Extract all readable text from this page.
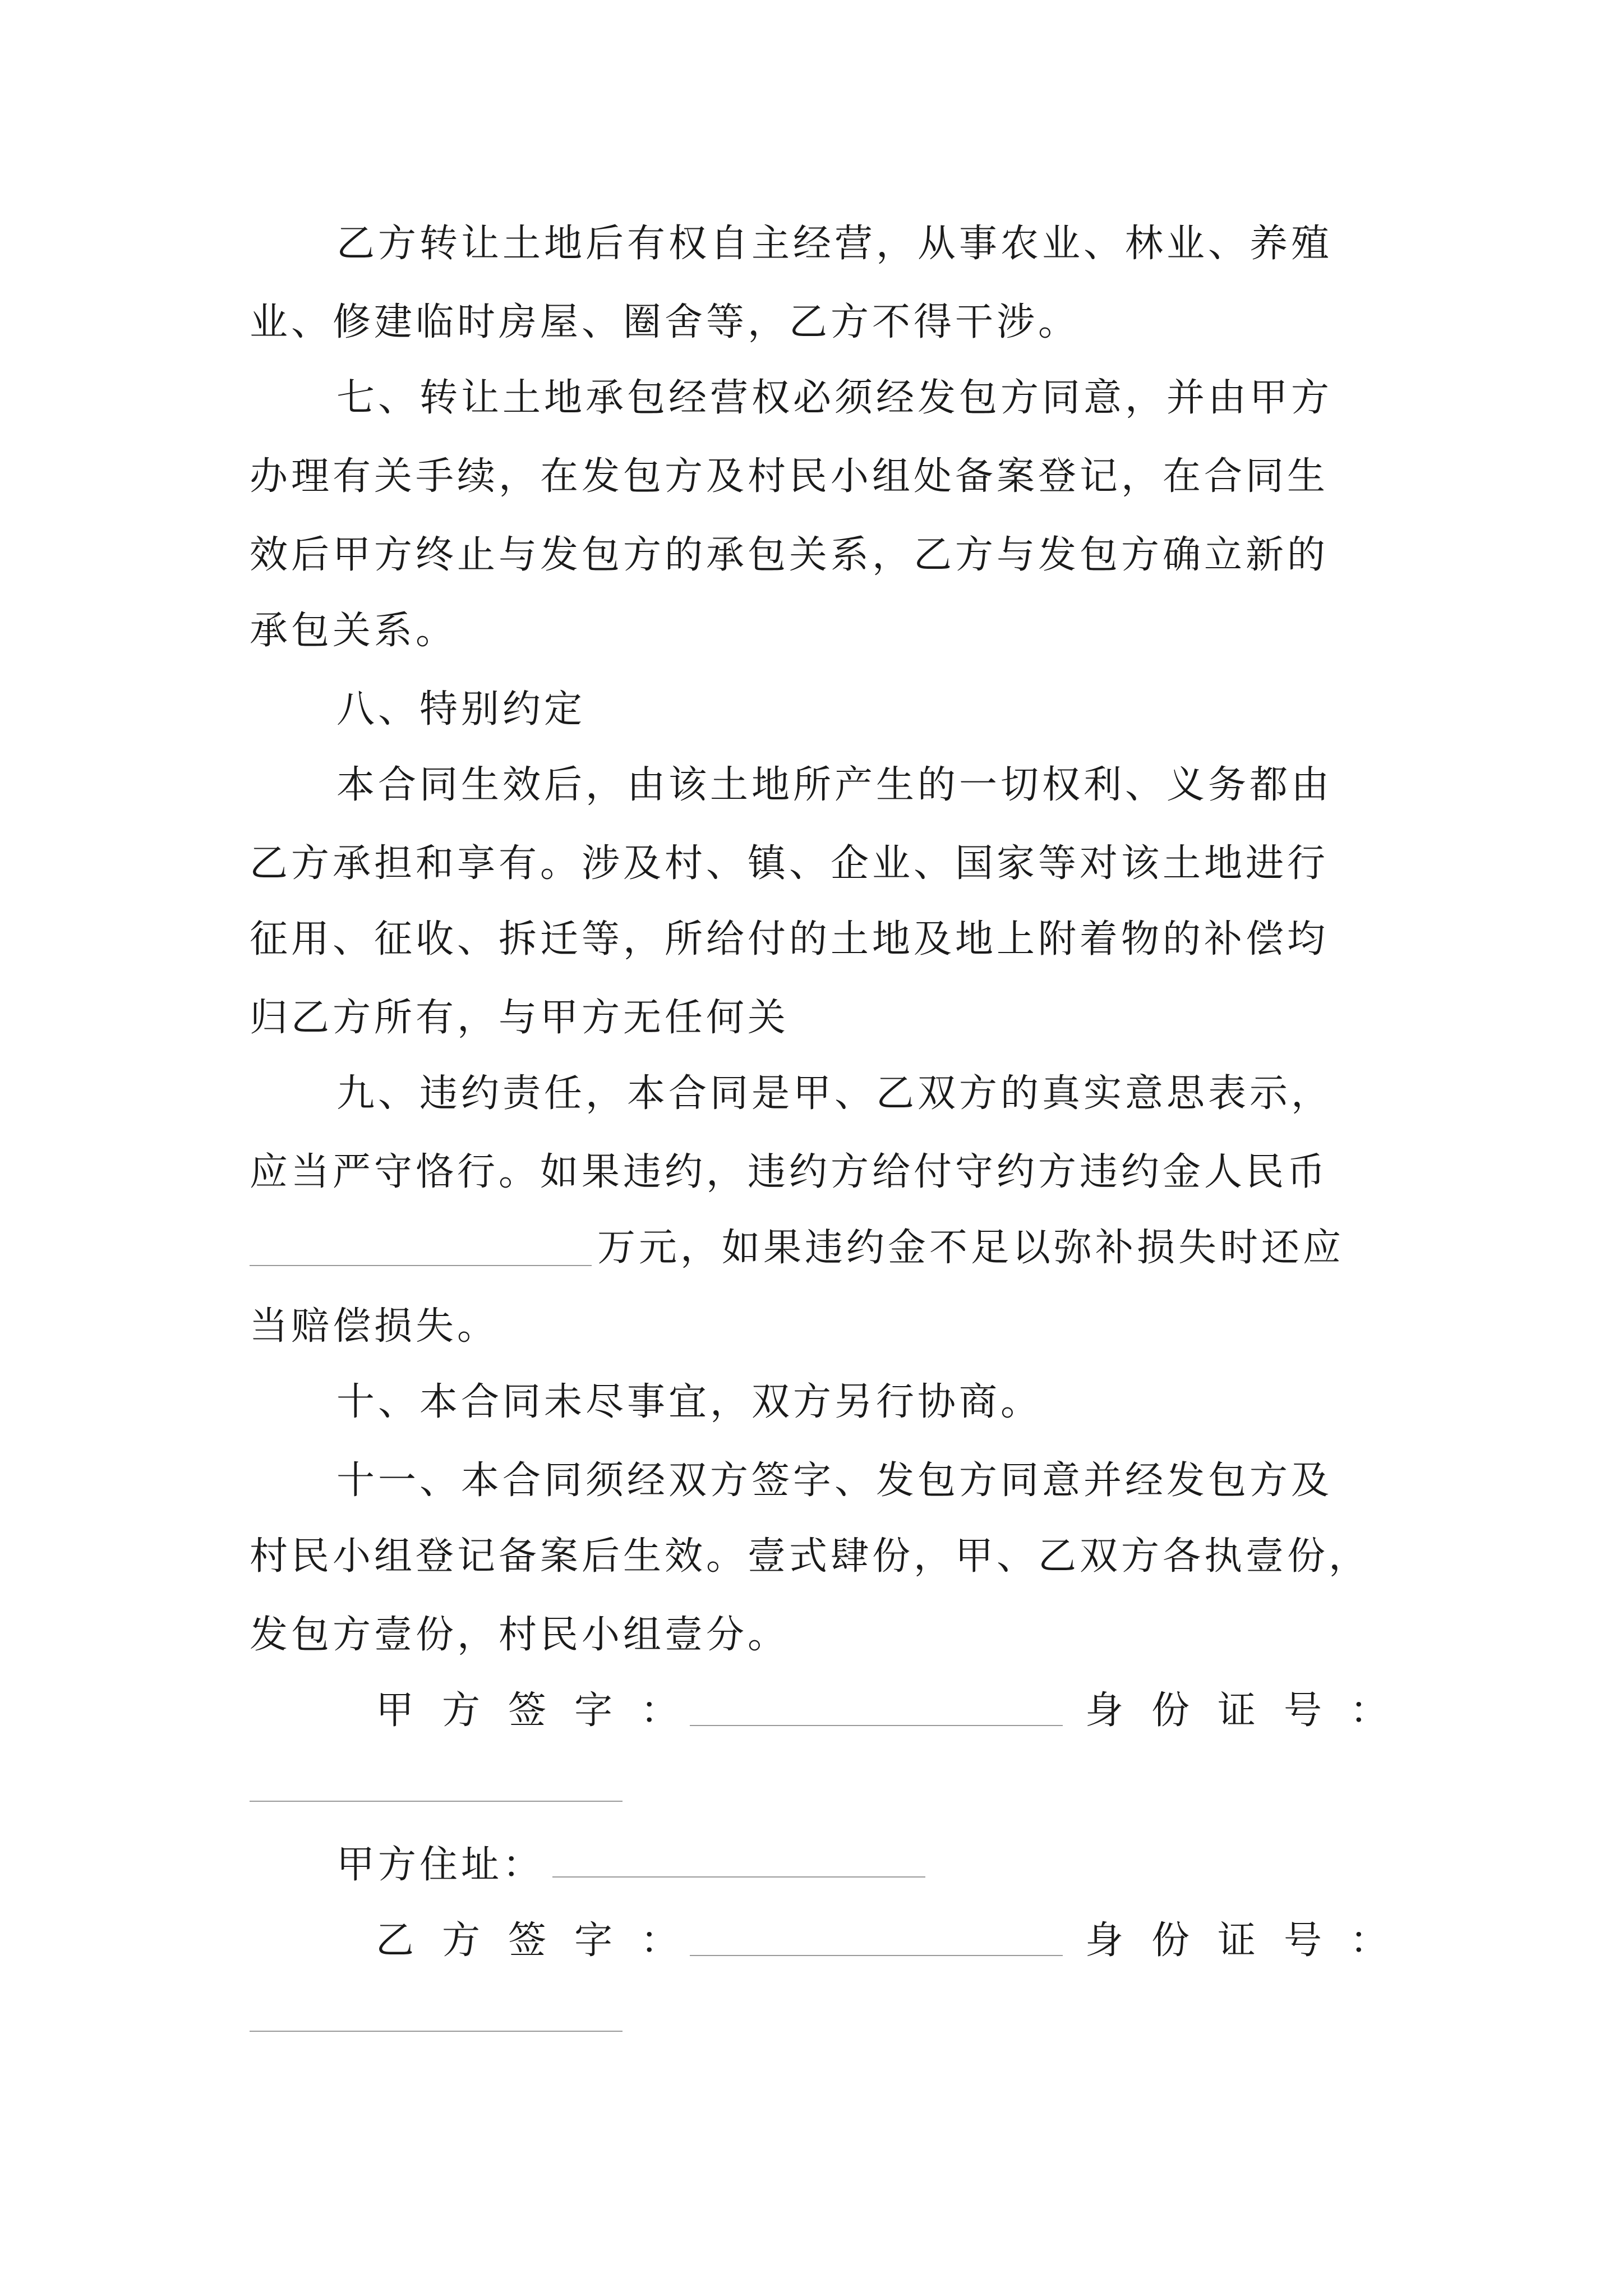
乙方转让土地后有权自主经营，从事农业、林业、养殖
业、修建临时房屋、圈舍等，乙方不得干涉。
七、转让土地承包经营权必须经发包方同意，并由甲方
办理有关手续，在发包方及村民小组处备案登记，在合同生
效后甲方终止与发包方的承包关系，乙方与发包方确立新的
承包关系。
八、特别约定
本合同生效后，由该土地所产生的一切权利、义务都由
乙方承担和享有。涉及村、镇、企业、国家等对该土地进行
征用、征收、拆迁等，所给付的土地及地上附着物的补偿均
归乙方所有，与甲方无任何关
九、违约责任，本合同是甲、乙双方的真实意思表示，
应当严守恪行。如果违约，违约方给付守约方违约金人民币
万元，如果违约金不足以弥补损失时还应
当赔偿损失。
十、本合同未尽事宜，双方另行协商。
十一、本合同须经双方签字、发包方同意并经发包方及
村民小组登记备案后生效。壹式肆份，甲、乙双方各执壹份，
发包方壹份，村民小组壹分。
甲方签字：	身份证号：
甲方住址：
乙方签字：	身份证号：
